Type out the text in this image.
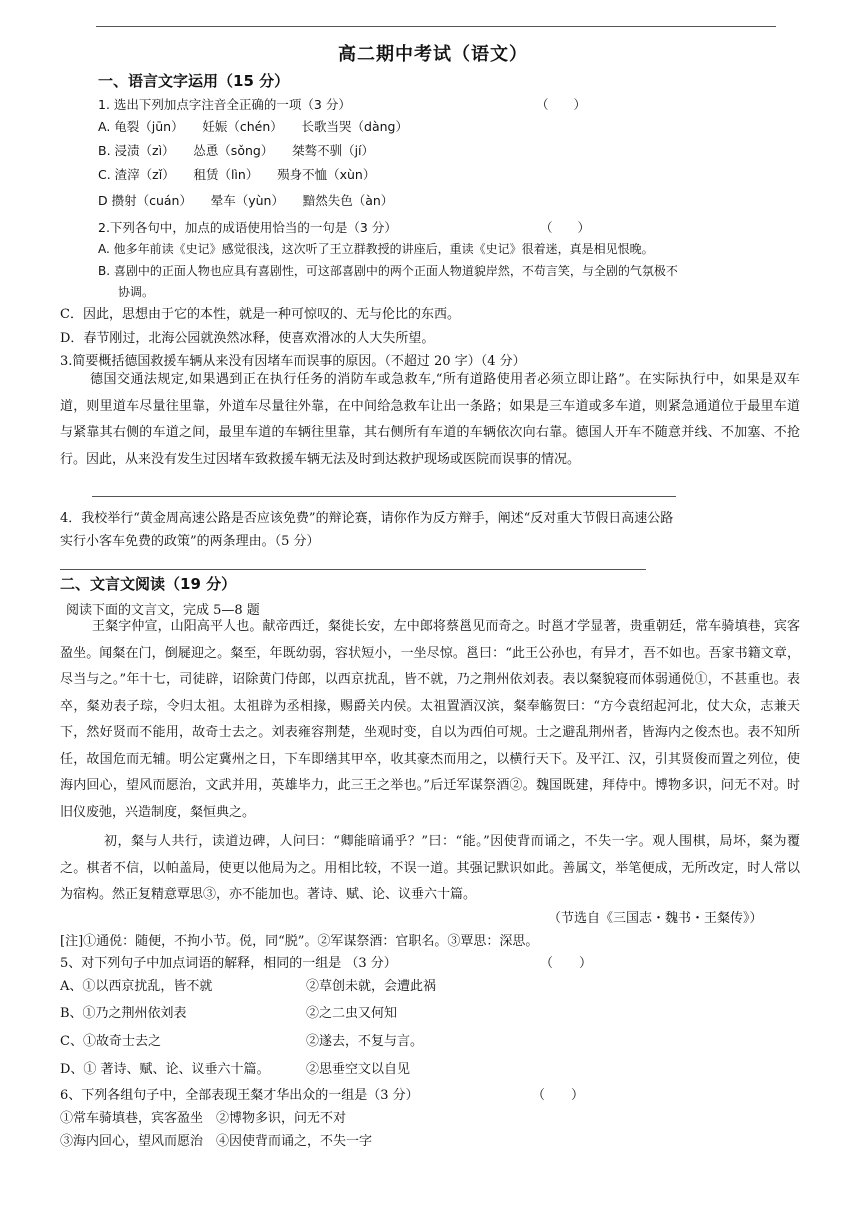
高二期中考试（语文）
一、语言文字运用（15 分）
1. 选出下列加点字注音全正确的一项（3 分）	（　　）
A. 龟裂（jūn）　　妊娠（chén）　　长歌当哭（dàng）
B. 浸渍（zì）　　怂恿（sǒng）　　桀骜不驯（jí）
C. 渣滓（zǐ）　　租赁（lìn）　　殒身不恤（xùn）
D 攒射（cuán）　　晕车（yùn）　　黯然失色（àn）
2.下列各句中，加点的成语使用恰当的一句是（3 分）	（　　）
A. 他多年前读《史记》感觉很浅，这次听了王立群教授的讲座后，重读《史记》很着迷，真是相见恨晚。
B. 喜剧中的正面人物也应具有喜剧性，可这部喜剧中的两个正面人物道貌岸然，不苟言笑，与全剧的气氛极不
协调。
C．因此，思想由于它的本性，就是一种可惊叹的、无与伦比的东西。
D．春节刚过，北海公园就涣然冰释，使喜欢滑冰的人大失所望。
3.简要概括德国救援车辆从来没有因堵车而误事的原因。（不超过 20 字）（4 分）
德国交通法规定,如果遇到正在执行任务的消防车或急救车,“所有道路使用者必须立即让路”。在实际执行中，如果是双车道，则里道车尽量往里靠，外道车尽量往外靠，在中间给急救车让出一条路；如果是三车道或多车道，则紧急通道位于最里车道与紧靠其右侧的车道之间，最里车道的车辆往里靠，其右侧所有车道的车辆依次向右靠。德国人开车不随意并线、不加塞、不抢行。因此，从来没有发生过因堵车致救援车辆无法及时到达救护现场或医院而误事的情况。
4．我校举行“黄金周高速公路是否应该免费”的辩论赛，请你作为反方辩手，阐述“反对重大节假日高速公路
实行小客车免费的政策”的两条理由。（5 分）
二、文言文阅读（19 分）
阅读下面的文言文，完成 5—8 题
王粲字仲宣，山阳高平人也。献帝西迁，粲徙长安，左中郎将蔡邕见而奇之。时邕才学显著，贵重朝廷，常车骑填巷，宾客盈坐。闻粲在门，倒屣迎之。粲至，年既幼弱，容状短小，一坐尽惊。邕曰：“此王公孙也，有异才，吾不如也。吾家书籍文章，尽当与之。”年十七，司徒辟，诏除黄门侍郎，以西京扰乱，皆不就，乃之荆州依刘表。表以粲貌寝而体弱通侻①，不甚重也。表卒，粲劝表子琮，令归太祖。太祖辟为丞相掾，赐爵关内侯。太祖置酒汉滨，粲奉觞贺曰：“方今袁绍起河北，仗大众，志兼天下，然好贤而不能用，故奇士去之。刘表雍容荆楚，坐观时变，自以为西伯可规。士之避乱荆州者，皆海内之俊杰也。表不知所任，故国危而无辅。明公定冀州之日，下车即缮其甲卒，收其豪杰而用之，以横行天下。及平江、汉，引其贤俊而置之列位，使海内回心，望风而愿治，文武并用，英雄毕力，此三王之举也。”后迁军谋祭酒②。魏国既建，拜侍中。博物多识，问无不对。时旧仪废弛，兴造制度，粲恒典之。
初，粲与人共行，读道边碑，人问曰：“卿能暗诵乎？”曰：“能。”因使背而诵之，不失一字。观人围棋，局坏，粲为覆之。棋者不信，以帕盖局，使更以他局为之。用相比较，不误一道。其强记默识如此。善属文，举笔便成，无所改定，时人常以为宿构。然正复精意覃思③，亦不能加也。著诗、赋、论、议垂六十篇。
（节选自《三国志・魏书・王粲传》）
[注]①通侻：随便，不拘小节。侻，同“脱”。②军谋祭酒：官职名。③覃思：深思。
5、对下列句子中加点词语的解释，相同的一组是 （3 分）	（　　）
A、①以西京扰乱，皆不就	②草创未就，会遭此祸
B、①乃之荆州依刘表	②之二虫又何知
C、①故奇士去之	②遂去，不复与言。
D、① 著诗、赋、论、议垂六十篇。	②思垂空文以自见
6、下列各组句子中，全部表现王粲才华出众的一组是（3 分）	（　　）
①常车骑填巷，宾客盈坐　②博物多识，问无不对
③海内回心，望风而愿治　④因使背而诵之，不失一字
